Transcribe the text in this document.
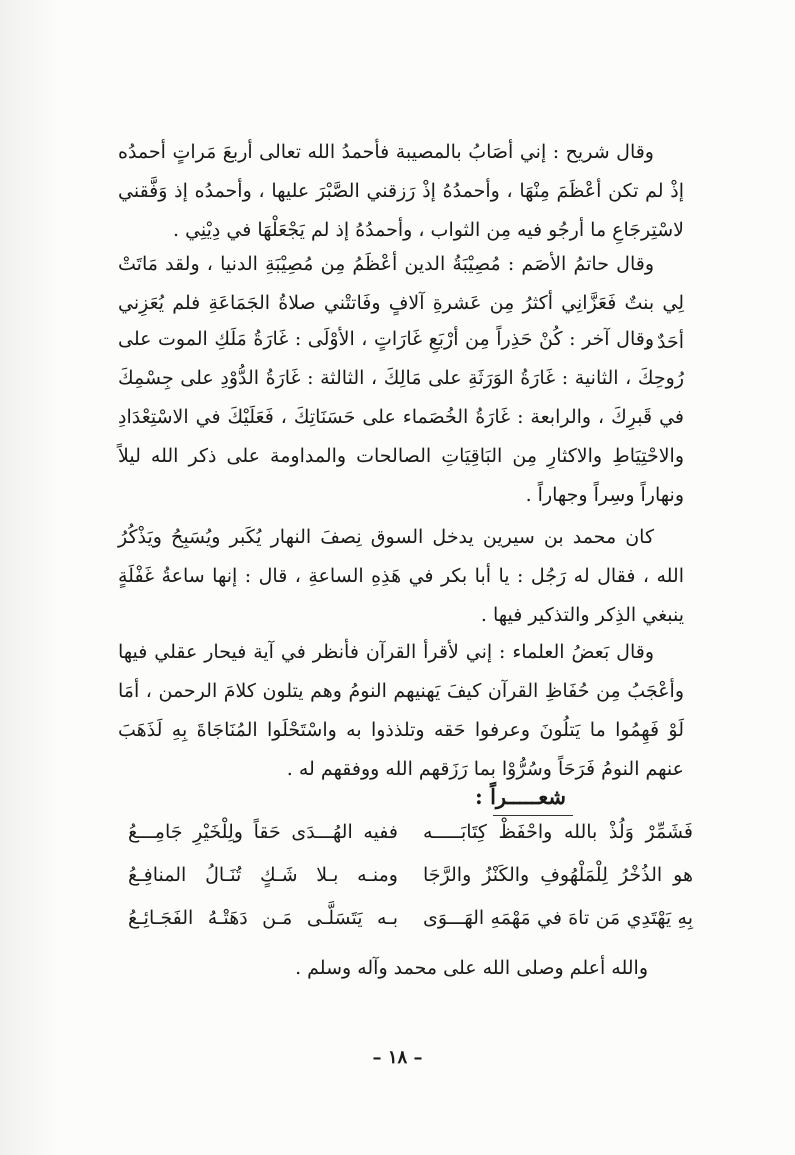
وقال شريح : إني أصَابُ بالمصيبة فأحمدُ الله تعالى أربعَ مَراتٍ أحمدُه إذْ لم تكن أعْظَمَ مِنْهَا ، وأحمدُهُ إذْ رَزقني الصَّبْرَ عليها ، وأحمدُه إذ وَفَّقني لاسْتِرجَاعِ ما أرجُو فيه مِن الثواب ، وأحمدُهُ إذ لم يَجْعَلْهَا في دِيْنِي .

وقال حاتمُ الأصَم : مُصِيْبَةُ الدين أعْظَمُ مِن مُصِيْبَةِ الدنيا ، ولقد مَاتَتْ لِي بنتٌ فَعَزَّانِي أكثرُ مِن عَشرةِ آلافٍ وفَاتتْني صلاةُ الجَمَاعَةِ فلم يُعَزِني أحَدٌ .

وقال آخر : كُنْ حَذِراً مِن أرْبَعِ غَارَاتٍ ، الأوْلَى : غَارَةُ مَلَكِ الموت على رُوحِكَ ، الثانية : غَارَةُ الوَرَثَةِ على مَالِكَ ، الثالثة : غَارَةُ الدُّوْدِ على جِسْمِكَ في قَبرِكَ ، والرابعة : غَارَةُ الخُصَماء على حَسَنَاتِكَ ، فَعَلَيْكَ في الاسْتِعْدَادِ والاحْتِيَاطِ والاكثارِ مِن البَاقِيَاتِ الصالحات والمداومة على ذكر الله ليلاً ونهاراً وسِراً وجهاراً .

كان محمد بن سيرين يدخل السوق نِصفَ النهار يُكَبر ويُسَبِحُ ويَذْكُرُ الله ، فقال له رَجُل : يا أبا بكر في هَذِهِ الساعةِ ، قال : إنها ساعةُ غَفْلَةٍ ينبغي الذِكر والتذكير فيها .

وقال بَعضُ العلماء : إني لأقرأ القرآن فأنظر في آية فيحار عقلي فيها وأعْجَبُ مِن حُفَاظِ القرآن كيفَ يَهنيهم النومُ وهم يتلون كلامَ الرحمن ، أمَا لَوْ فَهِمُوا ما يَتلُونَ وعرفوا حَقه وتلذذوا به واسْتَحْلَوا المُنَاجَاةَ بِهِ لَذَهَبَ عنهم النومُ فَرَحَاً وسُرُّوْا بما رَزَقهم الله ووفقهم له .

شعـــــراً :
فَشَمِّرْ وَلُذْ بالله واحْفَظْ كِتَابَـــــه
ففيه الهُـــدَى حَقاً ولِلْخَيْرِ جَامِـــعُ
هو الذُخْرُ لِلْمَلْهُوفِ والكَنْزُ والرَّجَا
ومنـه بـلا شَـكٍ تُنَـالُ المنافِـعُ
بِهِ يَهْتَدِي مَن تاهَ في مَهْمَهِ الهَـــوَى
بـه يَتَسَلَّـى مَـن دَهَتْـهُ الفَجَـائِـعُ
والله أعلم وصلى الله على محمد وآله وسلم .
– ١٨ –
